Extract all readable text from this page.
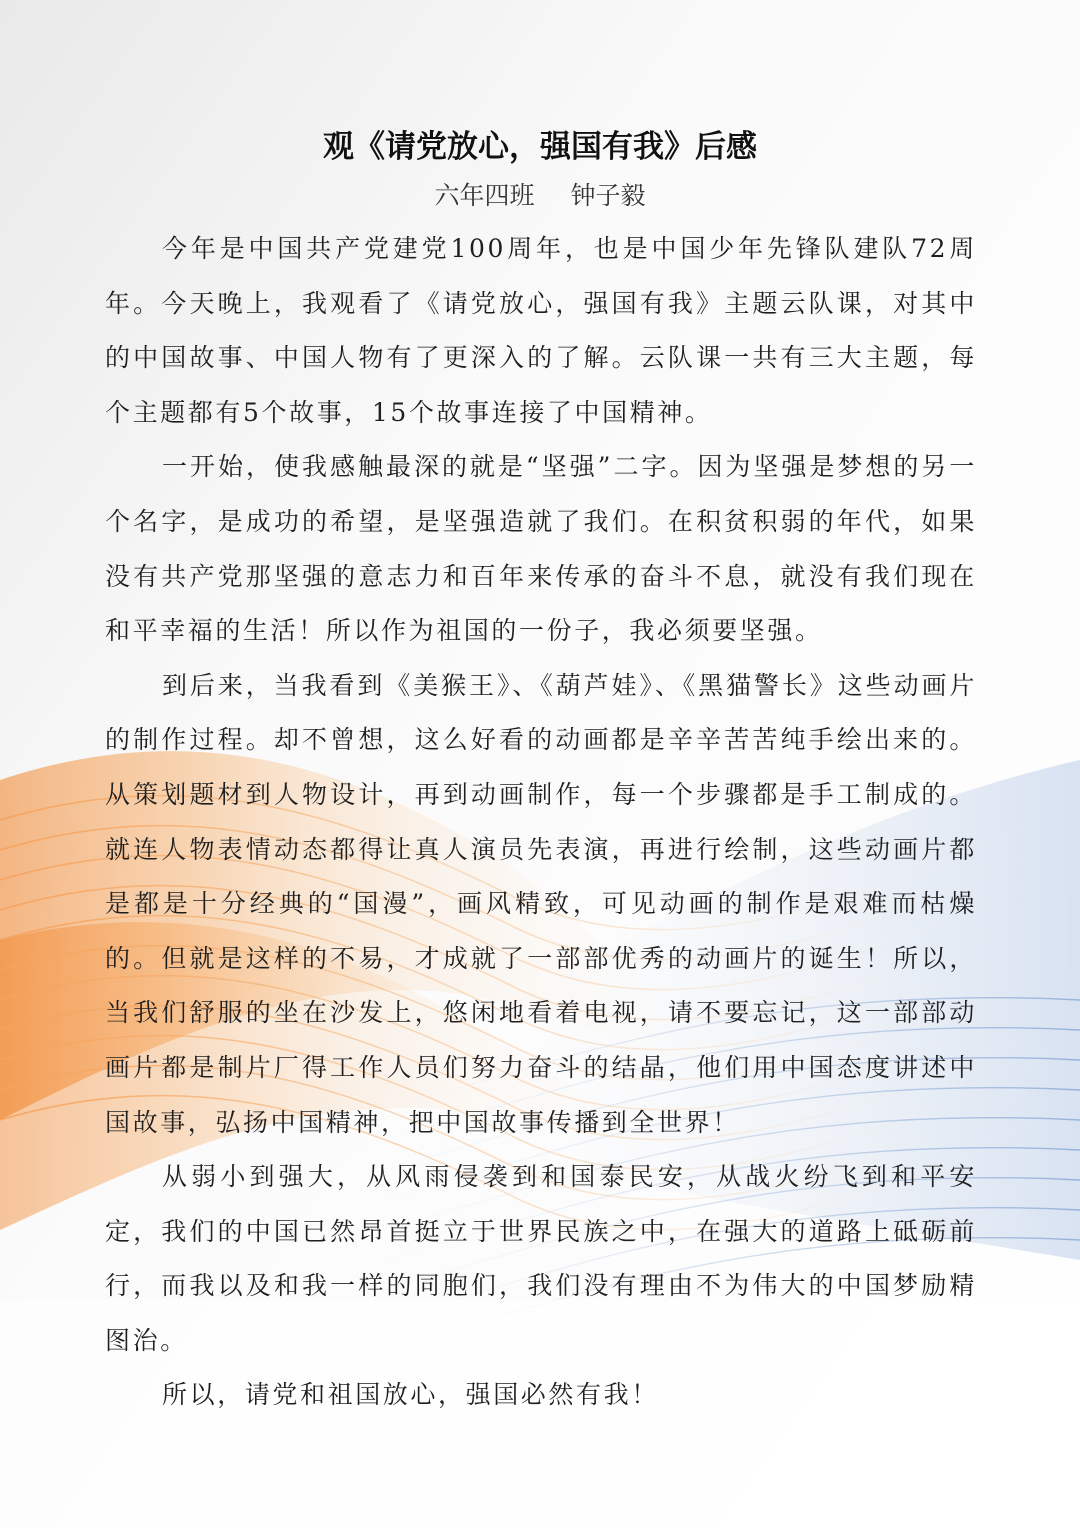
观《请党放心，强国有我》后感
六年四班 钟子毅

今年是中国共产党建党100周年，也是中国少年先锋队建队72周年。今天晚上，我观看了《请党放心，强国有我》主题云队课，对其中的中国故事、中国人物有了更深入的了解。云队课一共有三大主题，每个主题都有5个故事，15个故事连接了中国精神。

一开始，使我感触最深的就是“坚强”二字。因为坚强是梦想的另一个名字，是成功的希望，是坚强造就了我们。在积贫积弱的年代，如果没有共产党那坚强的意志力和百年来传承的奋斗不息，就没有我们现在和平幸福的生活！所以作为祖国的一份子，我必须要坚强。

到后来，当我看到《美猴王》、《葫芦娃》、《黑猫警长》这些动画片的制作过程。却不曾想，这么好看的动画都是辛辛苦苦纯手绘出来的。从策划题材到人物设计，再到动画制作，每一个步骤都是手工制成的。就连人物表情动态都得让真人演员先表演，再进行绘制，这些动画片都是都是十分经典的“国漫”，画风精致，可见动画的制作是艰难而枯燥的。但就是这样的不易，才成就了一部部优秀的动画片的诞生！所以，当我们舒服的坐在沙发上，悠闲地看着电视，请不要忘记，这一部部动画片都是制片厂得工作人员们努力奋斗的结晶，他们用中国态度讲述中国故事，弘扬中国精神，把中国故事传播到全世界！

从弱小到强大，从风雨侵袭到和国泰民安，从战火纷飞到和平安定，我们的中国已然昂首挺立于世界民族之中，在强大的道路上砥砺前行，而我以及和我一样的同胞们，我们没有理由不为伟大的中国梦励精图治。

所以，请党和祖国放心，强国必然有我！
